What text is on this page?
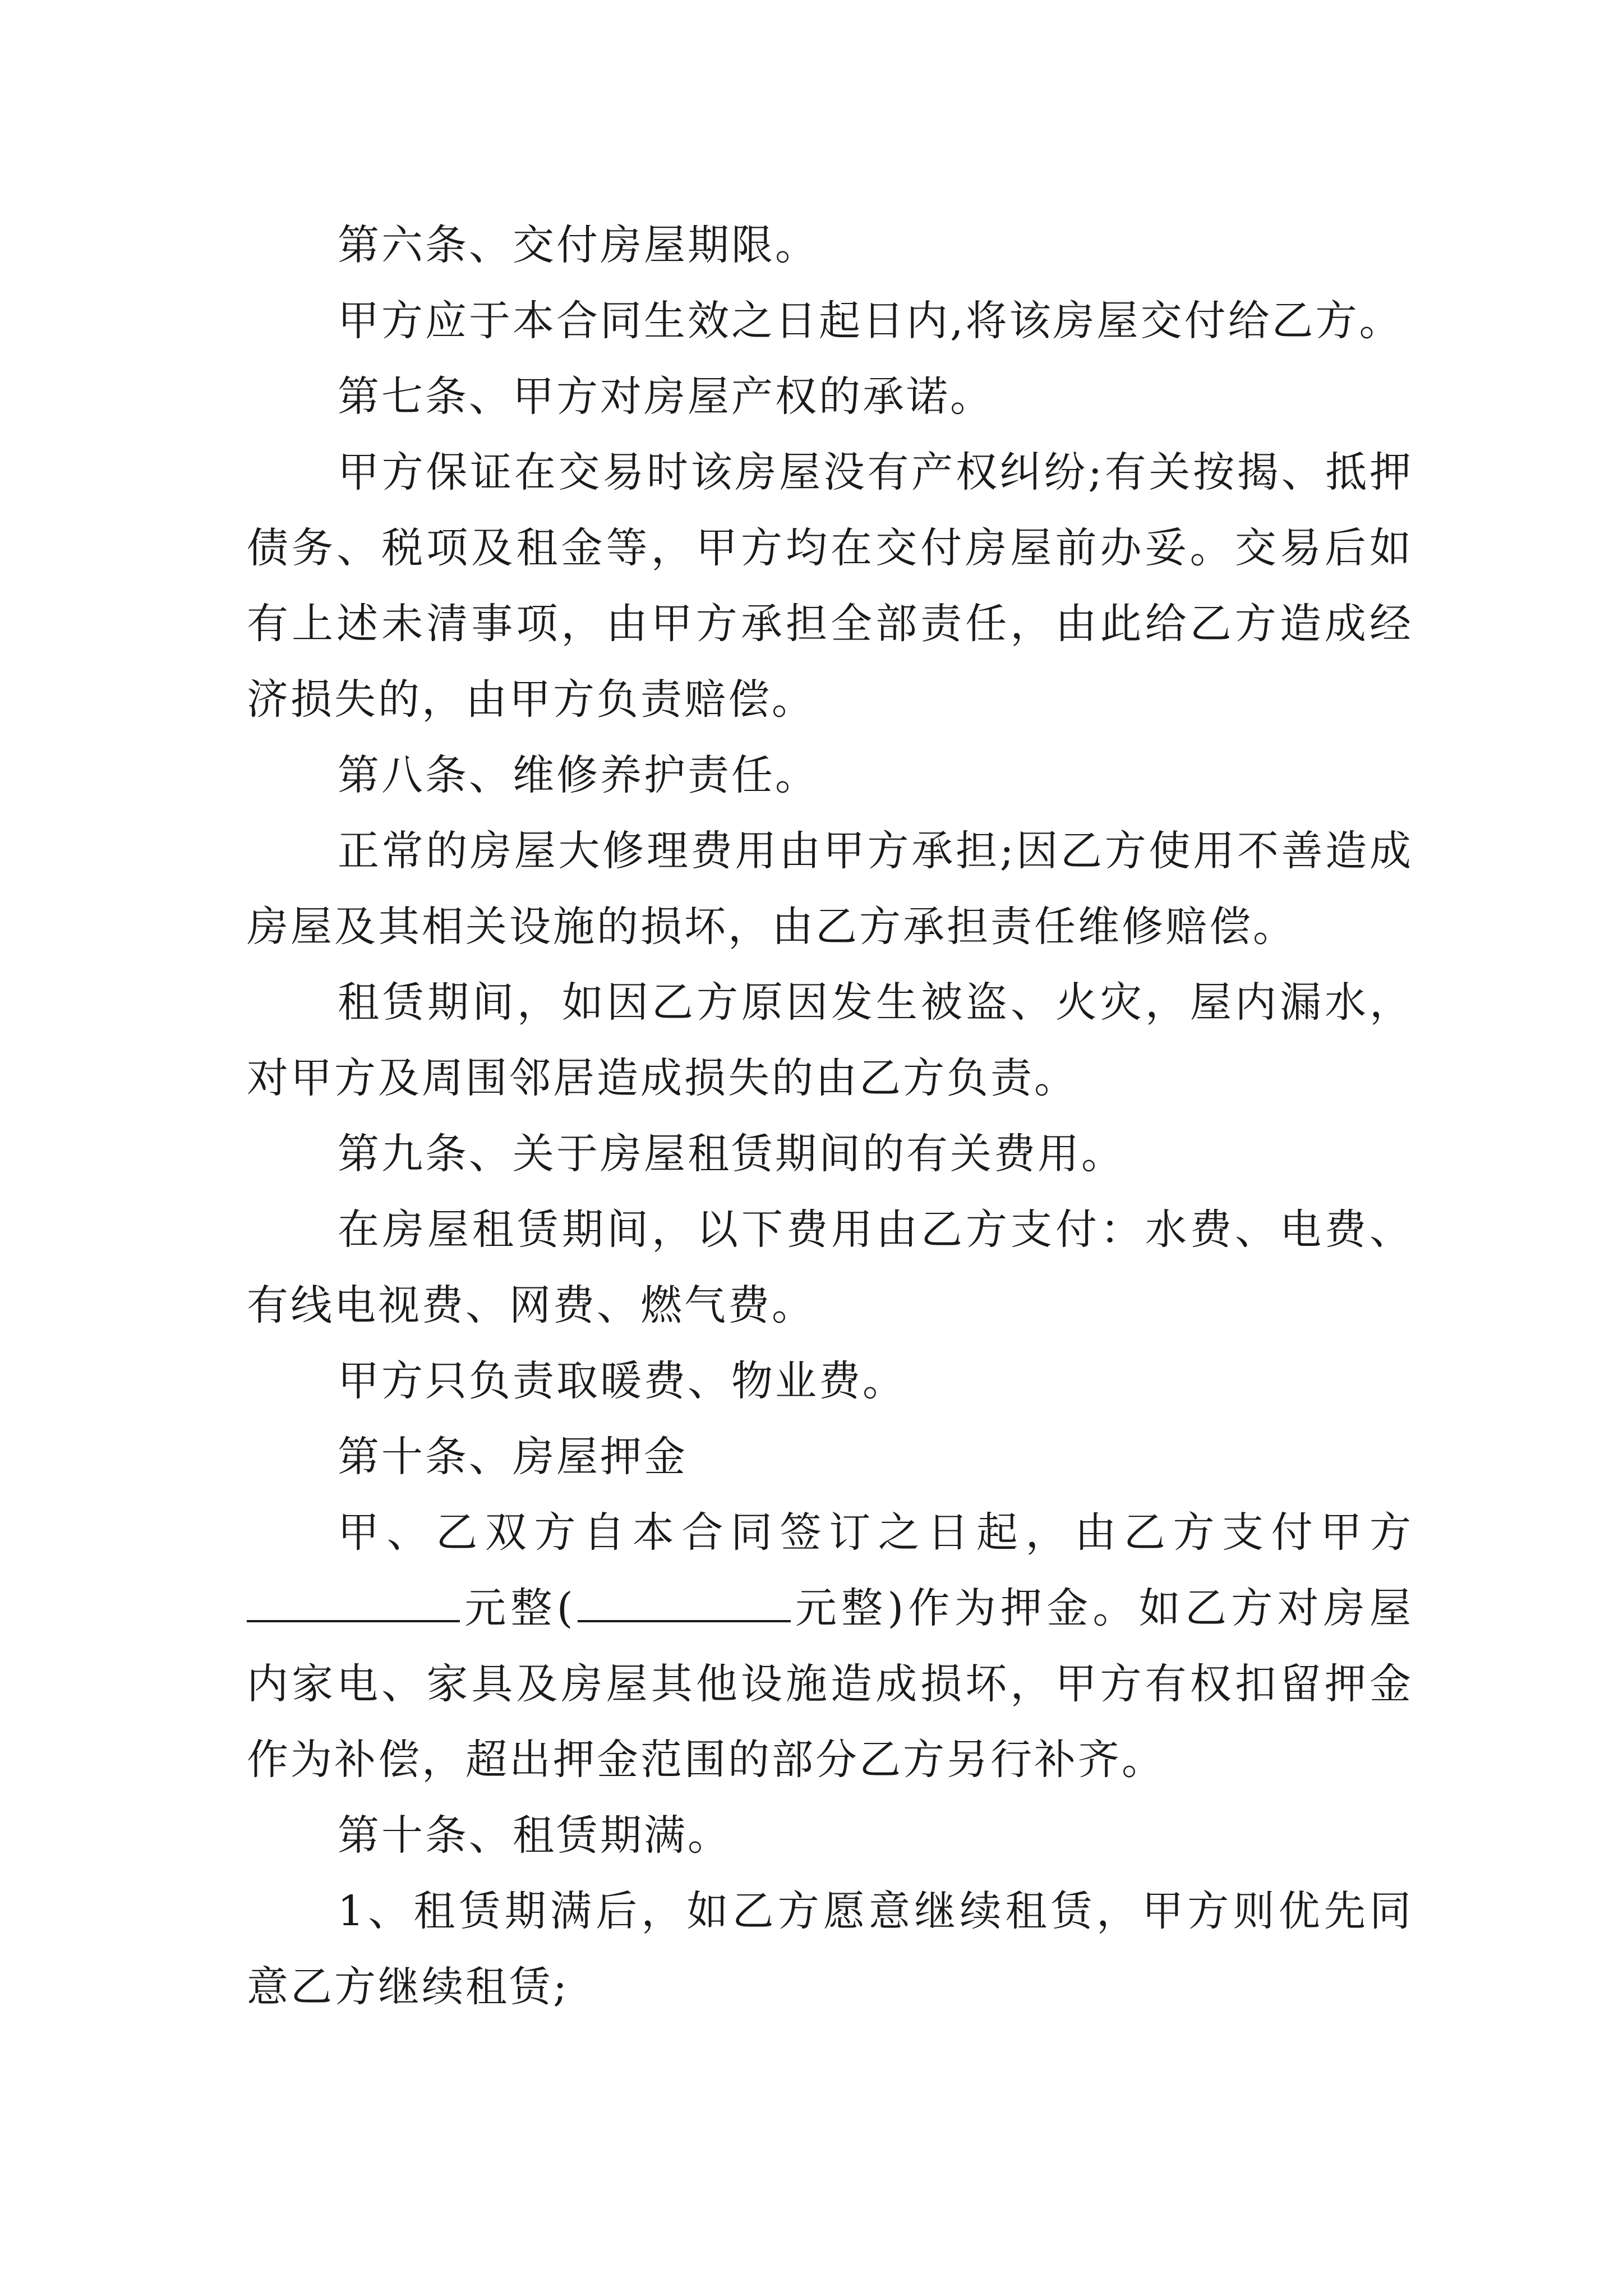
第六条、交付房屋期限。

甲方应于本合同生效之日起日内,将该房屋交付给乙方。

第七条、甲方对房屋产权的承诺。

甲方保证在交易时该房屋没有产权纠纷;有关按揭、抵押债务、税项及租金等，甲方均在交付房屋前办妥。交易后如有上述未清事项，由甲方承担全部责任，由此给乙方造成经济损失的，由甲方负责赔偿。

第八条、维修养护责任。

正常的房屋大修理费用由甲方承担;因乙方使用不善造成房屋及其相关设施的损坏，由乙方承担责任维修赔偿。

租赁期间，如因乙方原因发生被盗、火灾，屋内漏水，对甲方及周围邻居造成损失的由乙方负责。

第九条、关于房屋租赁期间的有关费用。

在房屋租赁期间，以下费用由乙方支付：水费、电费、有线电视费、网费、燃气费。

甲方只负责取暖费、物业费。

第十条、房屋押金

甲、乙双方自本合同签订之日起，由乙方支付甲方元整(	元整)作为押金。如乙方对房屋内家电、家具及房屋其他设施造成损坏，甲方有权扣留押金作为补偿，超出押金范围的部分乙方另行补齐。

第十条、租赁期满。

1、租赁期满后，如乙方愿意继续租赁，甲方则优先同意乙方继续租赁;
